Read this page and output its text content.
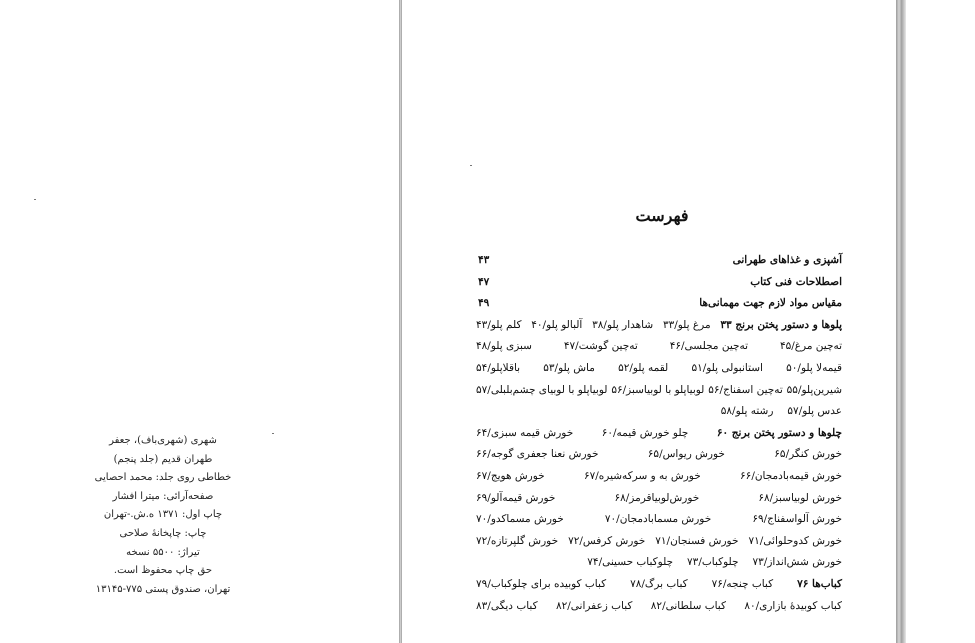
شهری (شهری‌باف)، جعفر
طهران قدیم (جلد پنجم)
خطاطی روی جلد: محمد احصایی
صفحه‌آرائی: میترا افشار
چاپ اول: ۱۳۷۱ ه.ش.-تهران
چاپ: چاپخانهٔ صلاحی
تیراژ: ۵۵۰۰ نسخه
حق چاپ محفوظ است.
تهران، صندوق پستی ۷۷۵-۱۳۱۴۵
فهرست
آشپزی و غذاهای طهرانی
۴۳
اصطلاحات فنی کتاب
۴۷
مقیاس مواد لازم جهت مهمانی‌ها
۴۹
پلوها و دستور پختن برنج ۳۳
مرغ پلو/۳۳
شاهدار پلو/۳۸
آلبالو پلو/۴۰
کلم پلو/۴۳
ته‌چین مرغ/۴۵
ته‌چین مجلسی/۴۶
ته‌چین گوشت/۴۷
سبزی پلو/۴۸
قیمه‌لا پلو/۵۰
استانبولی پلو/۵۱
لقمه پلو/۵۲
ماش پلو/۵۳
باقلاپلو/۵۴
شیرین‌پلو/۵۵
ته‌چین اسفناج/۵۶
لوبیاپلو با لوبیاسبز/۵۶
لوبیاپلو با لوبیای چشم‌بلبلی/۵۷
عدس پلو/۵۷
رشته پلو/۵۸
چلوها و دستور پختن برنج ۶۰
چلو خورش قیمه/۶۰
خورش قیمه سبزی/۶۴
خورش کنگر/۶۵
خورش ریواس/۶۵
خورش نعنا جعفری گوجه/۶۶
خورش قیمه‌بادمجان/۶۶
خورش به و سرکه‌شیره/۶۷
خورش هویج/۶۷
خورش لوبیاسبز/۶۸
خورش‌لوبیاقرمز/۶۸
خورش قیمه‌آلو/۶۹
خورش آلواسفناج/۶۹
خورش مسمابادمجان/۷۰
خورش مسماکدو/۷۰
خورش کدوحلوائی/۷۱
خورش فسنجان/۷۱
خورش کرفس/۷۲
خورش گلپرتازه/۷۲
خورش شش‌انداز/۷۳
چلوکباب/۷۳
چلوکباب حسینی/۷۴
کباب‌ها ۷۶
کباب چنجه/۷۶
کباب برگ/۷۸
کباب کوبیده برای چلوکباب/۷۹
کباب کوبیدهٔ بازاری/۸۰
کباب سلطانی/۸۲
کباب زعفرانی/۸۲
کباب دیگی/۸۳
